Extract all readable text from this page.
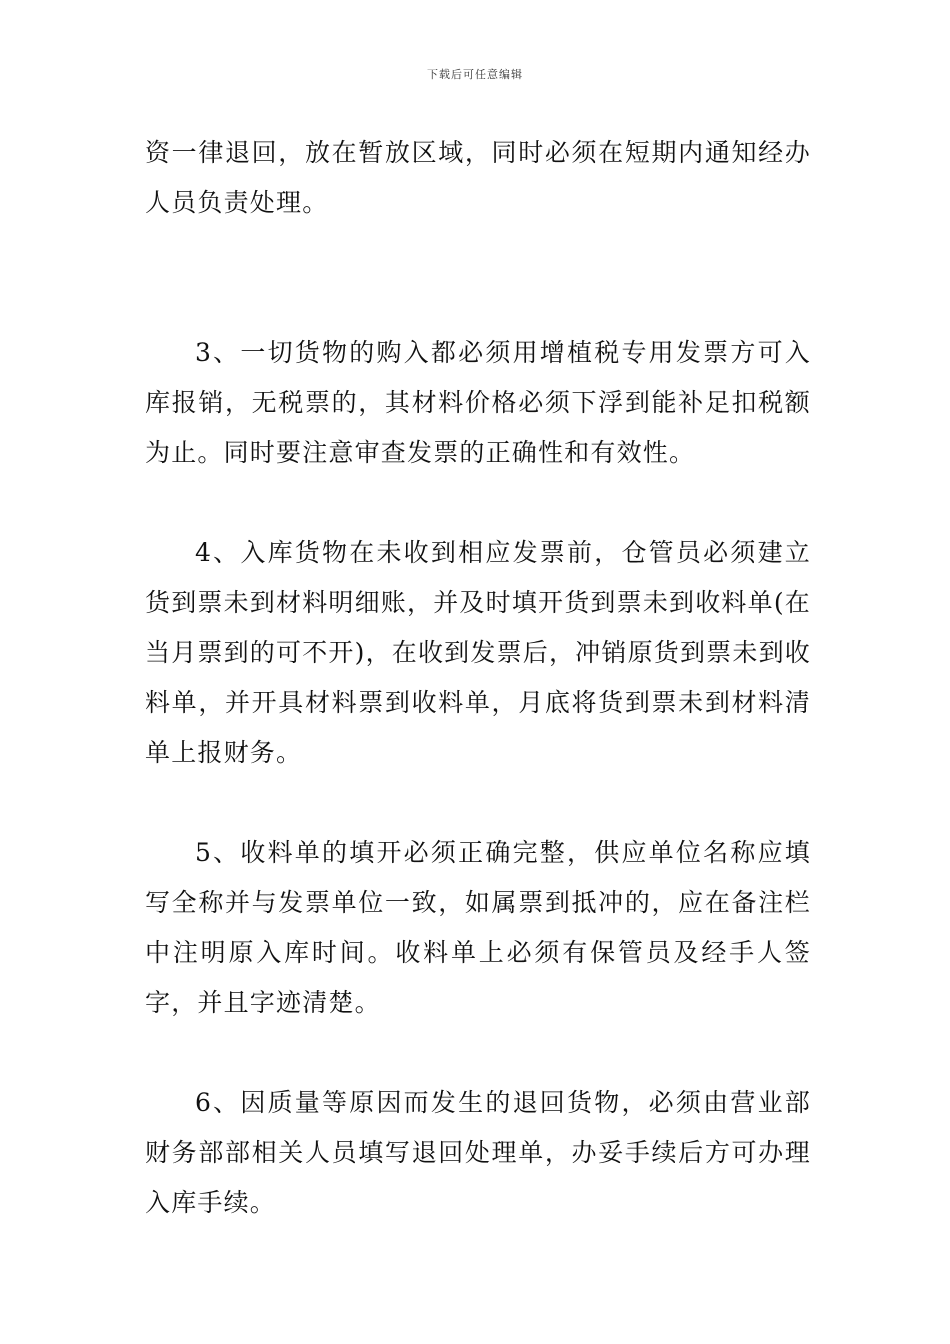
下载后可任意编辑

资一律退回，放在暂放区域，同时必须在短期内通知经办人员负责处理。

3、一切货物的购入都必须用增植税专用发票方可入库报销，无税票的，其材料价格必须下浮到能补足扣税额为止。同时要注意审查发票的正确性和有效性。

4、入库货物在未收到相应发票前，仓管员必须建立货到票未到材料明细账，并及时填开货到票未到收料单(在当月票到的可不开)，在收到发票后，冲销原货到票未到收料单，并开具材料票到收料单，月底将货到票未到材料清单上报财务。

5、收料单的填开必须正确完整，供应单位名称应填写全称并与发票单位一致，如属票到抵冲的，应在备注栏中注明原入库时间。收料单上必须有保管员及经手人签字，并且字迹清楚。

6、因质量等原因而发生的退回货物，必须由营业部财务部部相关人员填写退回处理单，办妥手续后方可办理入库手续。
